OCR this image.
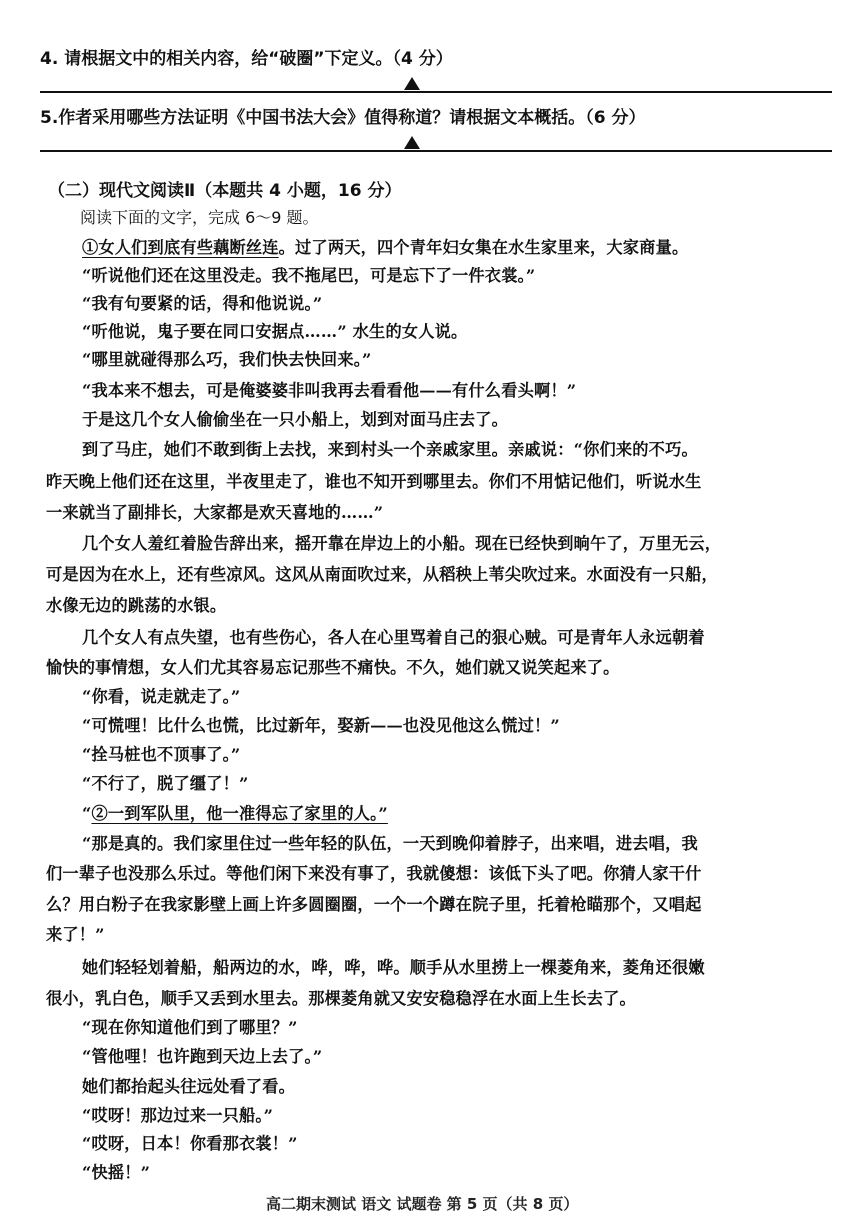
4. 请根据文中的相关内容，给“破圈”下定义。（4 分）
5.作者采用哪些方法证明《中国书法大会》值得称道？请根据文本概括。（6 分）
（二）现代文阅读Ⅱ（本题共 4 小题，16 分）
阅读下面的文字，完成 6～9 题。
①女人们到底有些藕断丝连。过了两天，四个青年妇女集在水生家里来，大家商量。
“听说他们还在这里没走。我不拖尾巴，可是忘下了一件衣裳。”
“我有句要紧的话，得和他说说。”
“听他说，鬼子要在同口安据点……” 水生的女人说。
“哪里就碰得那么巧，我们快去快回来。”
“我本来不想去，可是俺婆婆非叫我再去看看他——有什么看头啊！”
于是这几个女人偷偷坐在一只小船上，划到对面马庄去了。
到了马庄，她们不敢到街上去找，来到村头一个亲戚家里。亲戚说：“你们来的不巧。
昨天晚上他们还在这里，半夜里走了，谁也不知开到哪里去。你们不用惦记他们，听说水生
一来就当了副排长，大家都是欢天喜地的……”
几个女人羞红着脸告辞出来，摇开靠在岸边上的小船。现在已经快到晌午了，万里无云，
可是因为在水上，还有些凉风。这风从南面吹过来，从稻秧上苇尖吹过来。水面没有一只船，
水像无边的跳荡的水银。
几个女人有点失望，也有些伤心，各人在心里骂着自己的狠心贼。可是青年人永远朝着
愉快的事情想，女人们尤其容易忘记那些不痛快。不久，她们就又说笑起来了。
“你看，说走就走了。”
“可慌哩！比什么也慌，比过新年，娶新——也没见他这么慌过！”
“拴马桩也不顶事了。”
“不行了，脱了缰了！”
“②一到军队里，他一准得忘了家里的人。”
“那是真的。我们家里住过一些年轻的队伍，一天到晚仰着脖子，出来唱，进去唱，我
们一辈子也没那么乐过。等他们闲下来没有事了，我就傻想：该低下头了吧。你猜人家干什
么？用白粉子在我家影壁上画上许多圆圈圈，一个一个蹲在院子里，托着枪瞄那个，又唱起
来了！”
她们轻轻划着船，船两边的水，哗，哗，哗。顺手从水里捞上一棵菱角来，菱角还很嫩
很小，乳白色，顺手又丢到水里去。那棵菱角就又安安稳稳浮在水面上生长去了。
“现在你知道他们到了哪里？”
“管他哩！也许跑到天边上去了。”
她们都抬起头往远处看了看。
“哎呀！那边过来一只船。”
“哎呀，日本！你看那衣裳！”
“快摇！”
高二期末测试 语文 试题卷 第 5 页（共 8 页）
